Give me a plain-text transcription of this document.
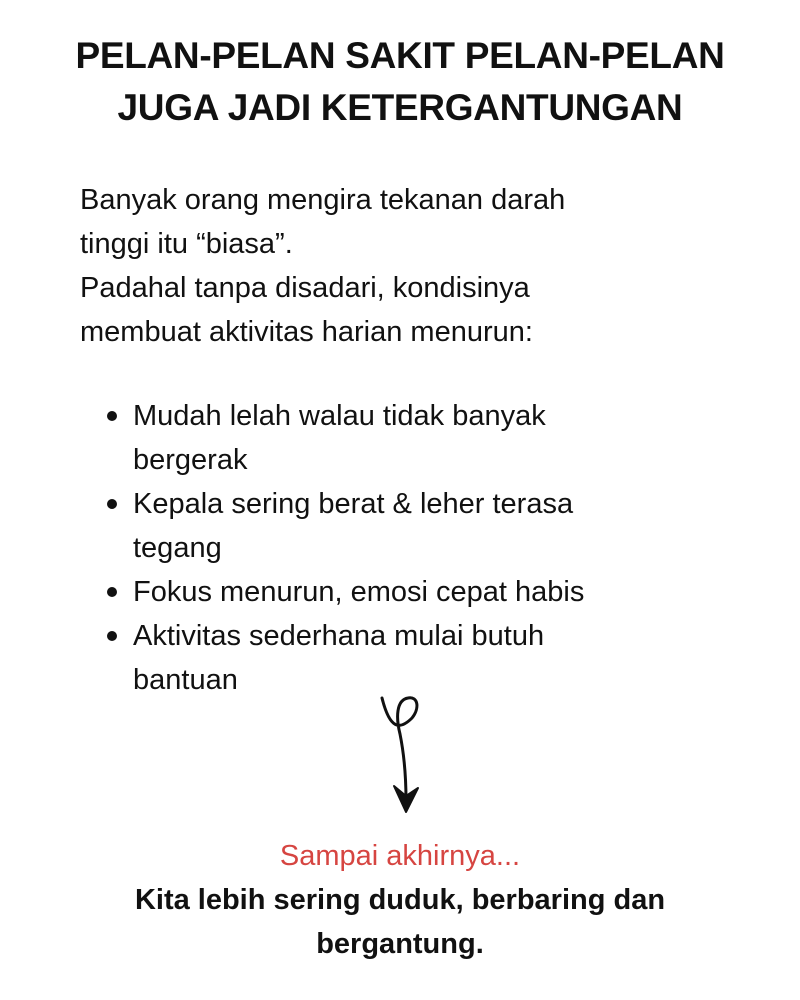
PELAN-PELAN SAKIT PELAN-PELAN
JUGA JADI KETERGANTUNGAN
Banyak orang mengira tekanan darah
tinggi itu “biasa”.
Padahal tanpa disadari, kondisinya
membuat aktivitas harian menurun:
Mudah lelah walau tidak banyak
bergerak
Kepala sering berat & leher terasa
tegang
Fokus menurun, emosi cepat habis
Aktivitas sederhana mulai butuh
bantuan
Sampai akhirnya...
Kita lebih sering duduk, berbaring dan
bergantung.
